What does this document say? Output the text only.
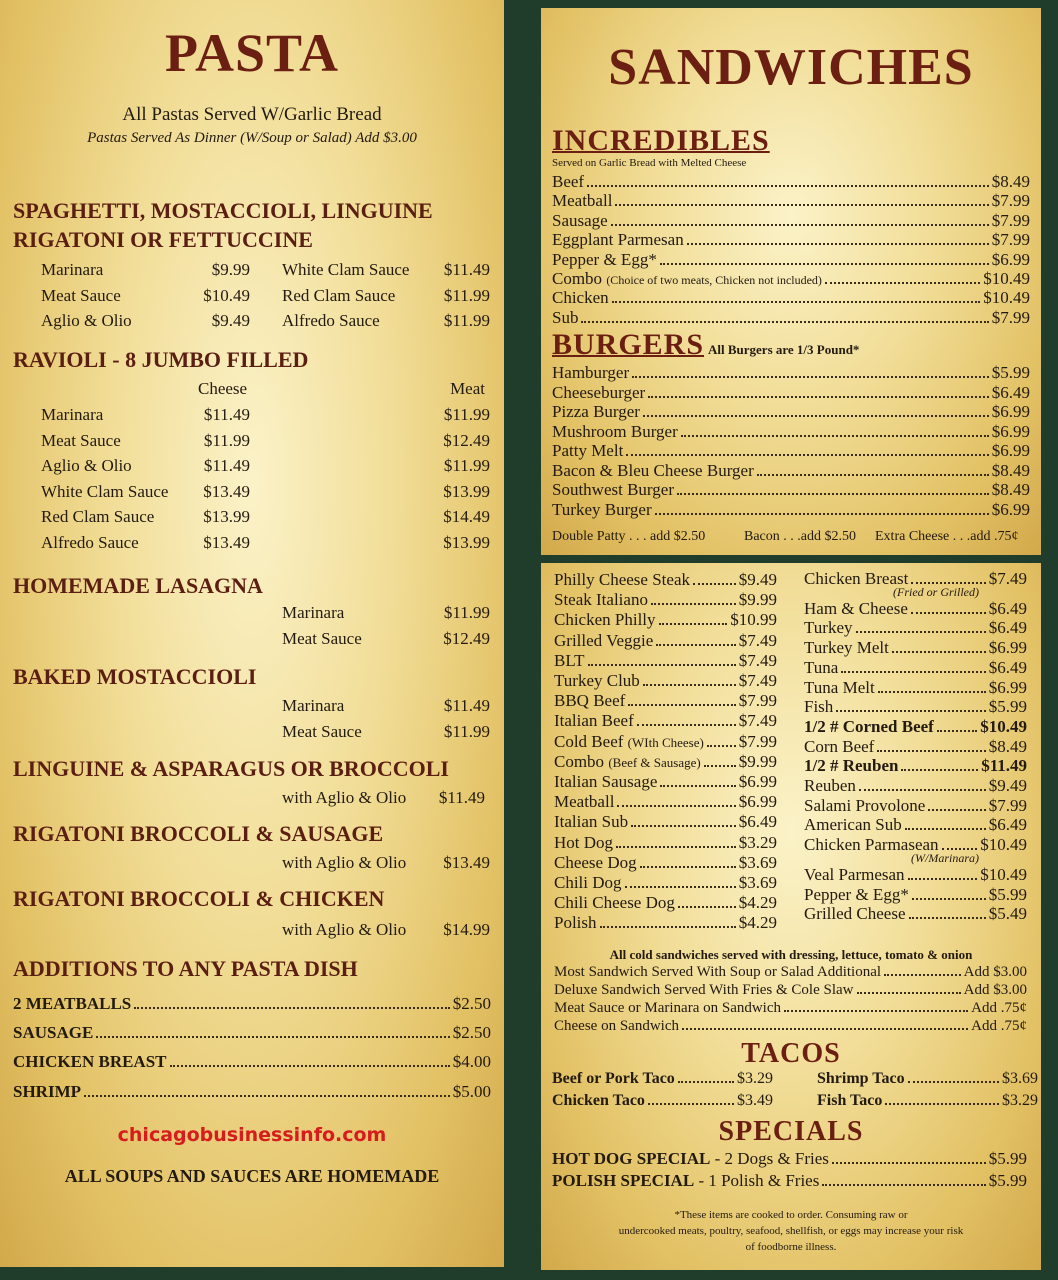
PASTA
All Pastas Served W/Garlic Bread
Pastas Served As Dinner (W/Soup or Salad) Add $3.00
SPAGHETTI, MOSTACCIOLI, LINGUINE
RIGATONI OR FETTUCCINE
Marinara	$9.99
Meat Sauce	$10.49
Aglio & Olio	$9.49
White Clam Sauce	$11.49
Red Clam Sauce	$11.99
Alfredo Sauce	$11.99
RAVIOLI - 8 JUMBO FILLED
Cheese	Meat
Marinara	$11.49	$11.99
Meat Sauce	$11.99	$12.49
Aglio & Olio	$11.49	$11.99
White Clam Sauce	$13.49	$13.99
Red Clam Sauce	$13.99	$14.49
Alfredo Sauce	$13.49	$13.99
HOMEMADE LASAGNA
Marinara	$11.99
Meat Sauce	$12.49
BAKED MOSTACCIOLI
Marinara	$11.49
Meat Sauce	$11.99
LINGUINE & ASPARAGUS OR BROCCOLI
with Aglio & Olio	$11.49
RIGATONI BROCCOLI & SAUSAGE
with Aglio & Olio	$13.49
RIGATONI BROCCOLI & CHICKEN
with Aglio & Olio	$14.99
ADDITIONS TO ANY PASTA DISH
2 MEATBALLS	$2.50
SAUSAGE	$2.50
CHICKEN BREAST	$4.00
SHRIMP	$5.00
chicagobusinessinfo.com
ALL SOUPS AND SAUCES ARE HOMEMADE
SANDWICHES
INCREDIBLES
Served on Garlic Bread with Melted Cheese
Beef	$8.49
Meatball	$7.99
Sausage	$7.99
Eggplant Parmesan	$7.99
Pepper & Egg*	$6.99
Combo (Choice of two meats, Chicken not included)	$10.49
Chicken	$10.49
Sub	$7.99
BURGERS All Burgers are 1/3 Pound*
Hamburger	$5.99
Cheeseburger	$6.49
Pizza Burger	$6.99
Mushroom Burger	$6.99
Patty Melt	$6.99
Bacon & Bleu Cheese Burger	$8.49
Southwest Burger	$8.49
Turkey Burger	$6.99
Double Patty . . . add $2.50	Bacon . . .add $2.50 Extra Cheese . . .add .75¢
Philly Cheese Steak	$9.49
Steak Italiano	$9.99
Chicken Philly	$10.99
Grilled Veggie	$7.49
BLT	$7.49
Turkey Club	$7.49
BBQ Beef	$7.99
Italian Beef	$7.49
Cold Beef (WIth Cheese) $7.99
Combo (Beef & Sausage) $9.99
Italian Sausage	$6.99
Meatball	$6.99
Italian Sub	$6.49
Hot Dog	$3.29
Cheese Dog	$3.69
Chili Dog	$3.69
Chili Cheese Dog	$4.29
Polish	$4.29
Chicken Breast	$7.49
(Fried or Grilled)
Ham & Cheese	$6.49
Turkey	$6.49
Turkey Melt	$6.99
Tuna	$6.49
Tuna Melt	$6.99
Fish	$5.99
1/2 # Corned Beef	$10.49
Corn Beef	$8.49
1/2 # Reuben	$11.49
Reuben	$9.49
Salami Provolone	$7.99
American Sub	$6.49
Chicken Parmasean $10.49
(W/Marinara)
Veal Parmesan	$10.49
Pepper & Egg*	$5.99
Grilled Cheese	$5.49
All cold sandwiches served with dressing, lettuce, tomato & onion
Most Sandwich Served With Soup or Salad Additional	Add $3.00
Deluxe Sandwich Served With Fries & Cole Slaw	Add $3.00
Meat Sauce or Marinara on Sandwich	Add .75¢
Cheese on Sandwich	Add .75¢
TACOS
Beef or Pork Taco	$3.29	Shrimp Taco	$3.69
Chicken Taco	$3.49	Fish Taco	$3.29
SPECIALS
HOT DOG SPECIAL - 2 Dogs & Fries	$5.99
POLISH SPECIAL - 1 Polish & Fries	$5.99
*These items are cooked to order. Consuming raw or
undercooked meats, poultry, seafood, shellfish, or eggs may increase your risk
of foodborne illness.
